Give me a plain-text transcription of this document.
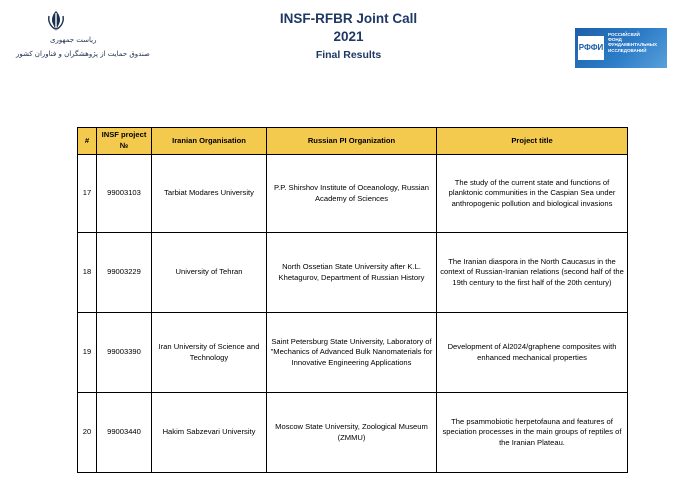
ریاست جمهوری
صندوق حمایت از پژوهشگران و فناوران کشور
INSF-RFBR Joint Call
2021
Final Results
РФФИ
РОССИЙСКИЙ
ФОНД
ФУНДАМЕНТАЛЬНЫХ
ИССЛЕДОВАНИЙ
#	INSF project №	Iranian Organisation	Russian PI Organization	Project title
17	99003103	Tarbiat Modares University	P.P. Shirshov Institute of Oceanology, Russian Academy of Sciences	The study of the current state and functions of planktonic communities in the Caspian Sea under anthropogenic pollution and biological invasions
18	99003229	University of Tehran	North Ossetian State University after K.L. Khetagurov, Department of Russian History	The Iranian diaspora in the North Caucasus in the context of Russian-Iranian relations (second half of the 19th century to the first half of the 20th century)
19	99003390	Iran University of Science and Technology	Saint Petersburg State University, Laboratory of "Mechanics of Advanced Bulk Nanomaterials for Innovative Engineering Applications	Development of Al2024/graphene composites with enhanced mechanical properties
20	99003440	Hakim Sabzevari University	Moscow State University, Zoological Museum (ZMMU)	The psammobiotic herpetofauna and features of speciation processes in the main groups of reptiles of the Iranian Plateau.
